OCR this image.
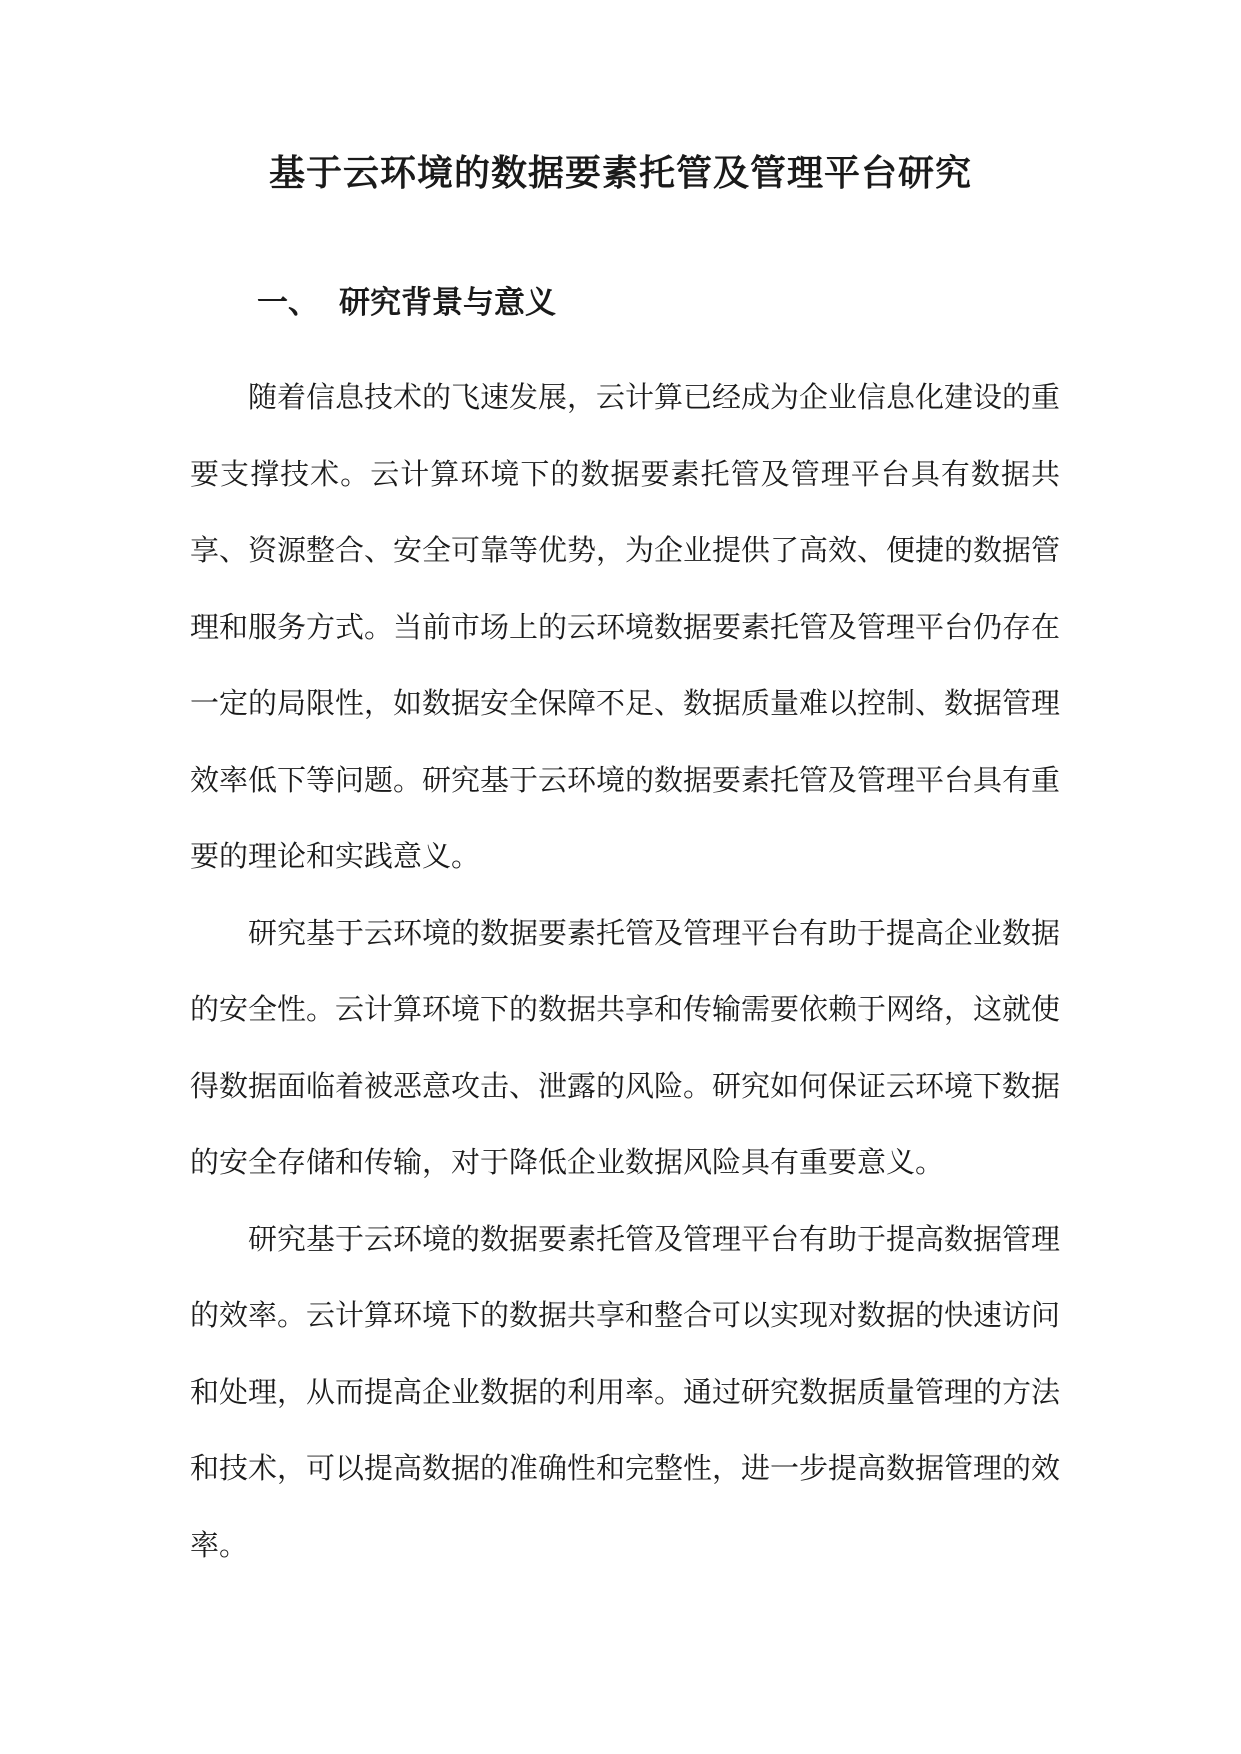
基于云环境的数据要素托管及管理平台研究
一、 研究背景与意义

随着信息技术的飞速发展，云计算已经成为企业信息化建设的重要支撑技术。云计算环境下的数据要素托管及管理平台具有数据共享、资源整合、安全可靠等优势，为企业提供了高效、便捷的数据管理和服务方式。当前市场上的云环境数据要素托管及管理平台仍存在一定的局限性，如数据安全保障不足、数据质量难以控制、数据管理效率低下等问题。研究基于云环境的数据要素托管及管理平台具有重要的理论和实践意义。

研究基于云环境的数据要素托管及管理平台有助于提高企业数据的安全性。云计算环境下的数据共享和传输需要依赖于网络，这就使得数据面临着被恶意攻击、泄露的风险。研究如何保证云环境下数据的安全存储和传输，对于降低企业数据风险具有重要意义。

研究基于云环境的数据要素托管及管理平台有助于提高数据管理的效率。云计算环境下的数据共享和整合可以实现对数据的快速访问和处理，从而提高企业数据的利用率。通过研究数据质量管理的方法和技术，可以提高数据的准确性和完整性，进一步提高数据管理的效率。
